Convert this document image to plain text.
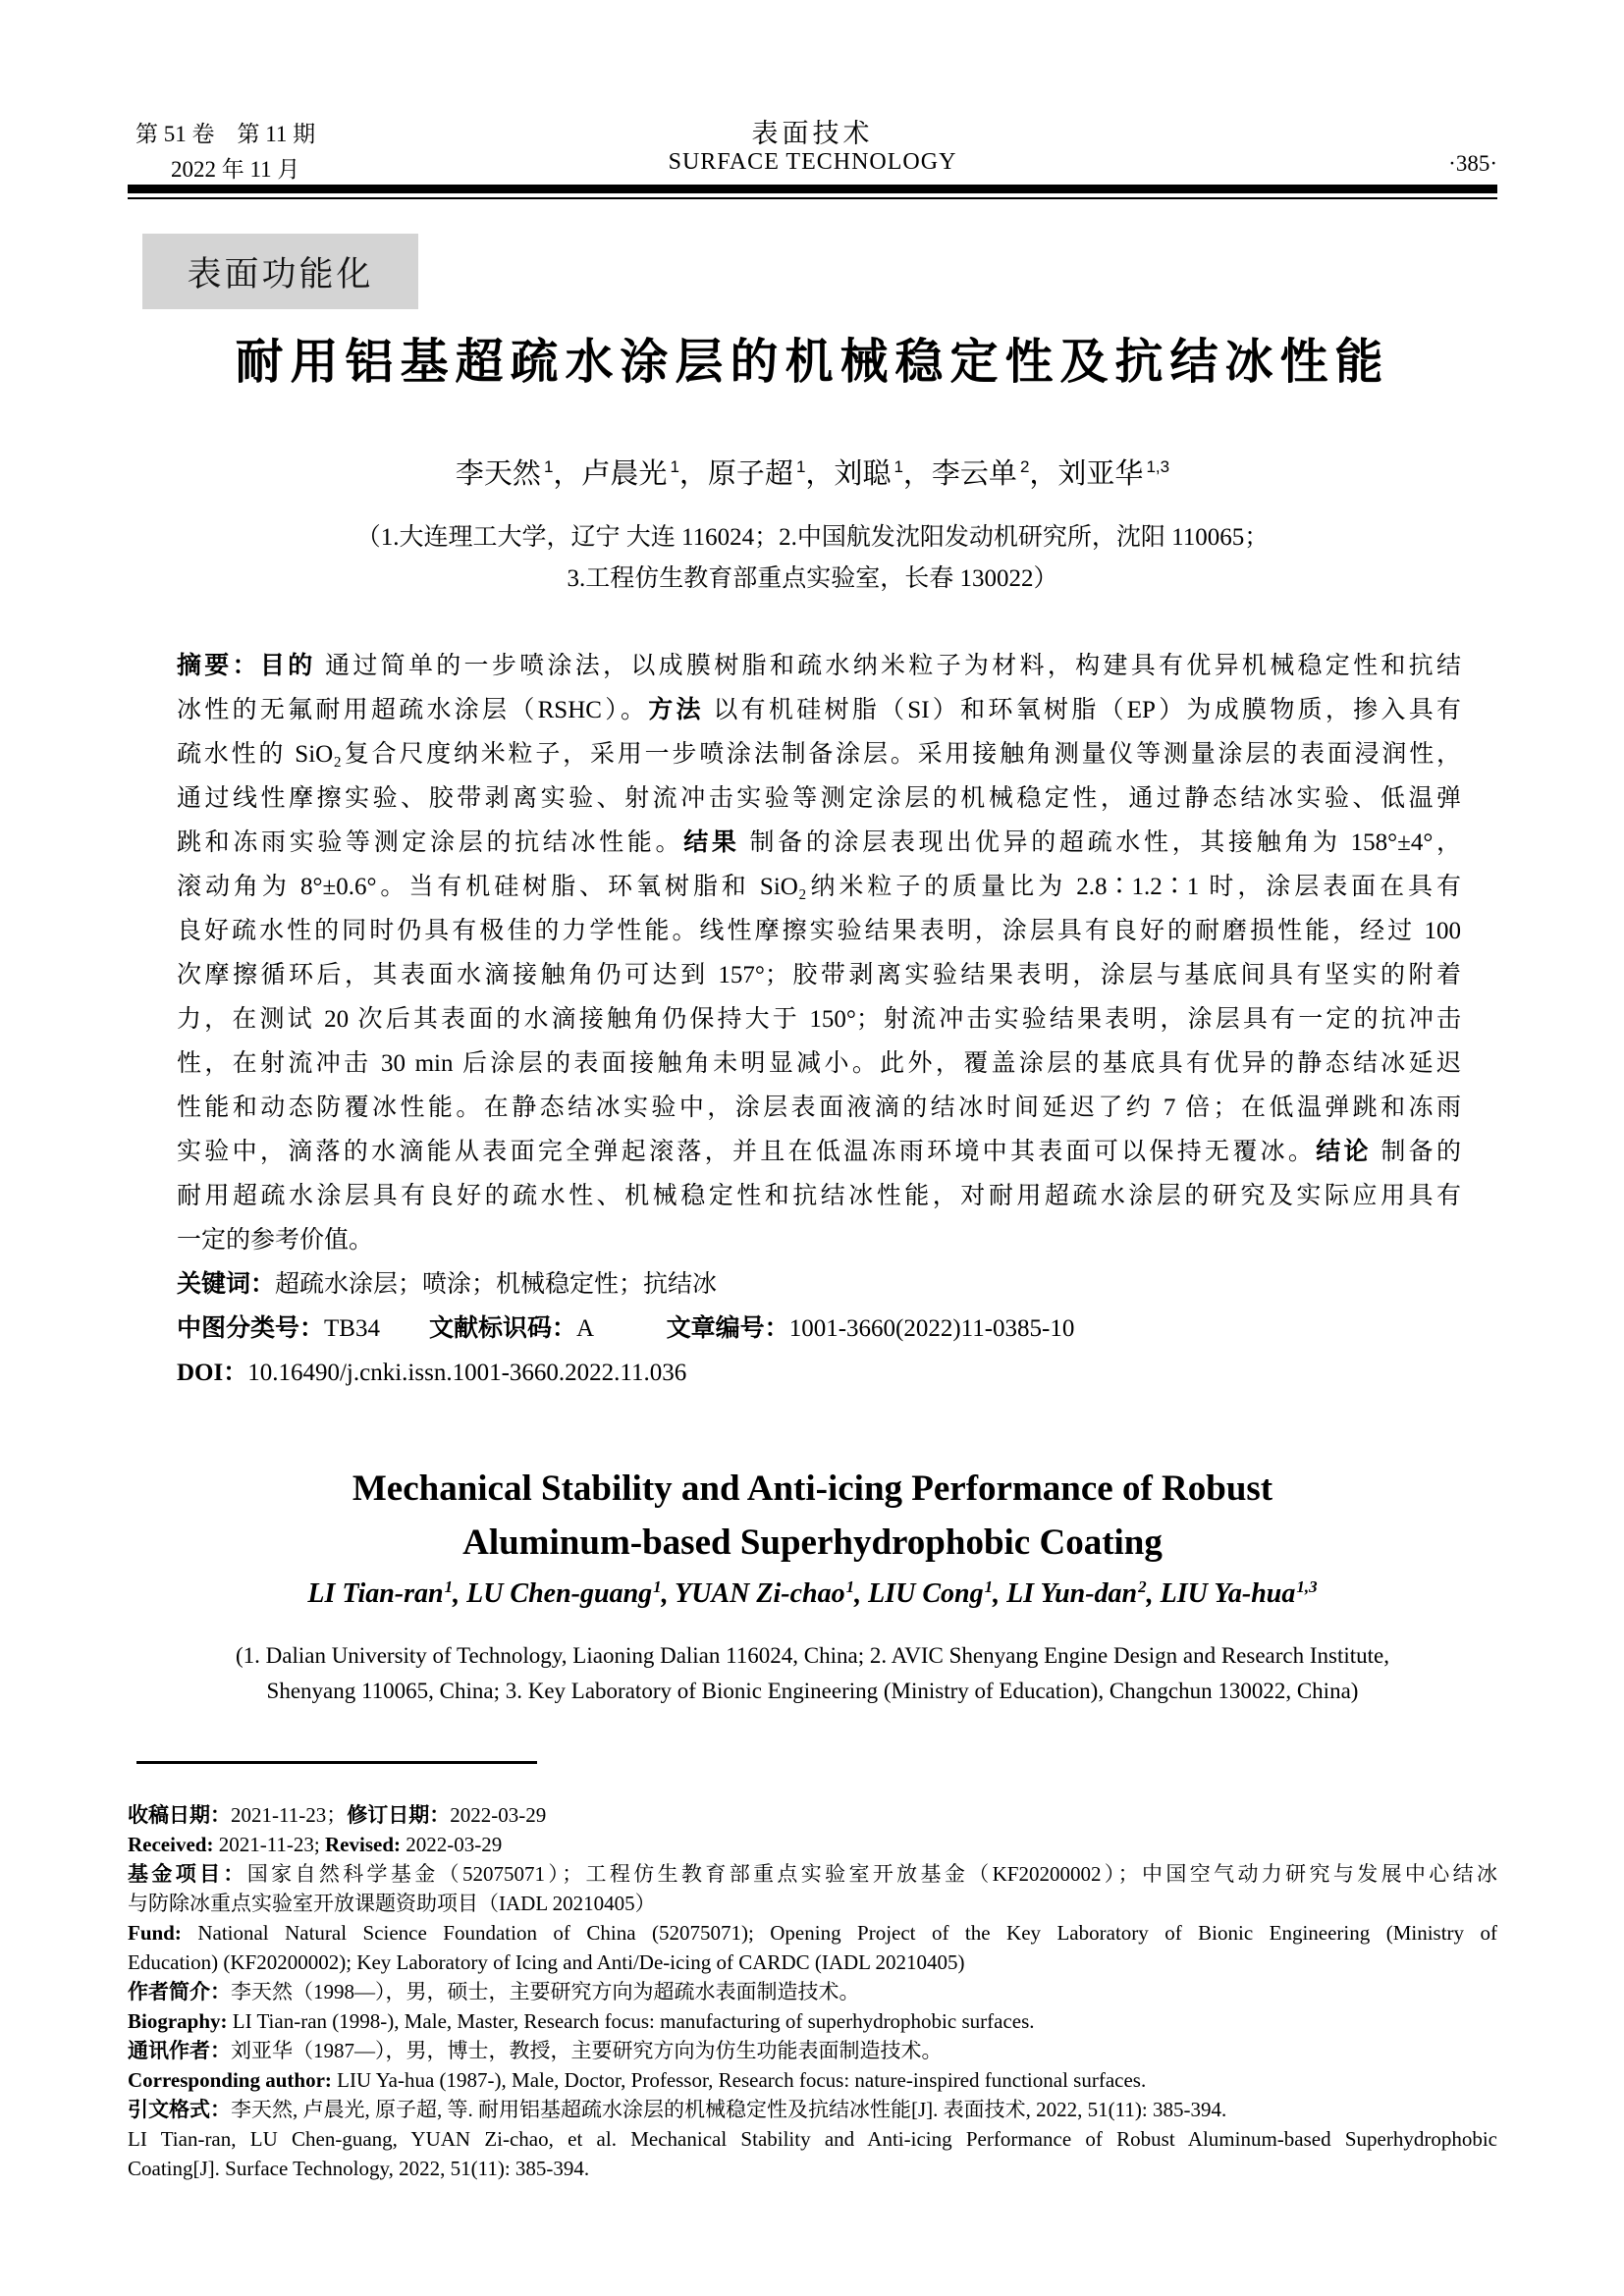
第 51 卷　第 11 期	表面技术
2022 年 11 月	SURFACE TECHNOLOGY	·385·
表面功能化
耐用铝基超疏水涂层的机械稳定性及抗结冰性能
李天然 $^1$，卢晨光 $^1$，原子超 $^1$，刘聪 $^1$，李云单 $^2$，刘亚华 $^{1,3}$
（1.大连理工大学，辽宁 大连 116024；2.中国航发沈阳发动机研究所，沈阳 110065；
3.工程仿生教育部重点实验室，长春 130022）
摘要：目的 通过简单的一步喷涂法，以成膜树脂和疏水纳米粒子为材料，构建具有优异机械稳定性和抗结
冰性的无氟耐用超疏水涂层（RSHC）。方法 以有机硅树脂（SI）和环氧树脂（EP）为成膜物质，掺入具有
疏水性的 SiO₂复合尺度纳米粒子，采用一步喷涂法制备涂层。采用接触角测量仪等测量涂层的表面浸润性，
通过线性摩擦实验、胶带剥离实验、射流冲击实验等测定涂层的机械稳定性，通过静态结冰实验、低温弹
跳和冻雨实验等测定涂层的抗结冰性能。结果 制备的涂层表现出优异的超疏水性，其接触角为 158°±4°，
滚动角为 8°±0.6°。当有机硅树脂、环氧树脂和 SiO₂纳米粒子的质量比为 2.8∶1.2∶1 时，涂层表面在具有
良好疏水性的同时仍具有极佳的力学性能。线性摩擦实验结果表明，涂层具有良好的耐磨损性能，经过 100
次摩擦循环后，其表面水滴接触角仍可达到 157°；胶带剥离实验结果表明，涂层与基底间具有坚实的附着
力，在测试 20 次后其表面的水滴接触角仍保持大于 150°；射流冲击实验结果表明，涂层具有一定的抗冲击
性，在射流冲击 30 min 后涂层的表面接触角未明显减小。此外，覆盖涂层的基底具有优异的静态结冰延迟
性能和动态防覆冰性能。在静态结冰实验中，涂层表面液滴的结冰时间延迟了约 7 倍；在低温弹跳和冻雨
实验中，滴落的水滴能从表面完全弹起滚落，并且在低温冻雨环境中其表面可以保持无覆冰。结论 制备的
耐用超疏水涂层具有良好的疏水性、机械稳定性和抗结冰性能，对耐用超疏水涂层的研究及实际应用具有
一定的参考价值。
关键词：超疏水涂层；喷涂；机械稳定性；抗结冰
中图分类号：TB34　　文献标识码：A　　　文章编号：1001-3660(2022)11-0385-10
DOI：10.16490/j.cnki.issn.1001-3660.2022.11.036
Mechanical Stability and Anti-icing Performance of Robust
Aluminum-based Superhydrophobic Coating
LI Tian-ran$^1$, LU Chen-guang$^1$, YUAN Zi-chao$^1$, LIU Cong$^1$, LI Yun-dan$^2$, LIU Ya-hua$^{1,3}$
(1. Dalian University of Technology, Liaoning Dalian 116024, China; 2. AVIC Shenyang Engine Design and Research Institute,
Shenyang 110065, China; 3. Key Laboratory of Bionic Engineering (Ministry of Education), Changchun 130022, China)
收稿日期：2021-11-23；修订日期：2022-03-29
Received: 2021-11-23; Revised: 2022-03-29
基金项目：国家自然科学基金（52075071）；工程仿生教育部重点实验室开放基金（KF20200002）；中国空气动力研究与发展中心结冰
与防除冰重点实验室开放课题资助项目（IADL 20210405）
Fund: National Natural Science Foundation of China (52075071); Opening Project of the Key Laboratory of Bionic Engineering (Ministry of
Education) (KF20200002); Key Laboratory of Icing and Anti/De-icing of CARDC (IADL 20210405)
作者简介：李天然（1998—），男，硕士，主要研究方向为超疏水表面制造技术。
Biography: LI Tian-ran (1998-), Male, Master, Research focus: manufacturing of superhydrophobic surfaces.
通讯作者：刘亚华（1987—），男，博士，教授，主要研究方向为仿生功能表面制造技术。
Corresponding author: LIU Ya-hua (1987-), Male, Doctor, Professor, Research focus: nature-inspired functional surfaces.
引文格式：李天然, 卢晨光, 原子超, 等. 耐用铝基超疏水涂层的机械稳定性及抗结冰性能[J]. 表面技术, 2022, 51(11): 385-394.
LI Tian-ran, LU Chen-guang, YUAN Zi-chao, et al. Mechanical Stability and Anti-icing Performance of Robust Aluminum-based Superhydrophobic
Coating[J]. Surface Technology, 2022, 51(11): 385-394.
